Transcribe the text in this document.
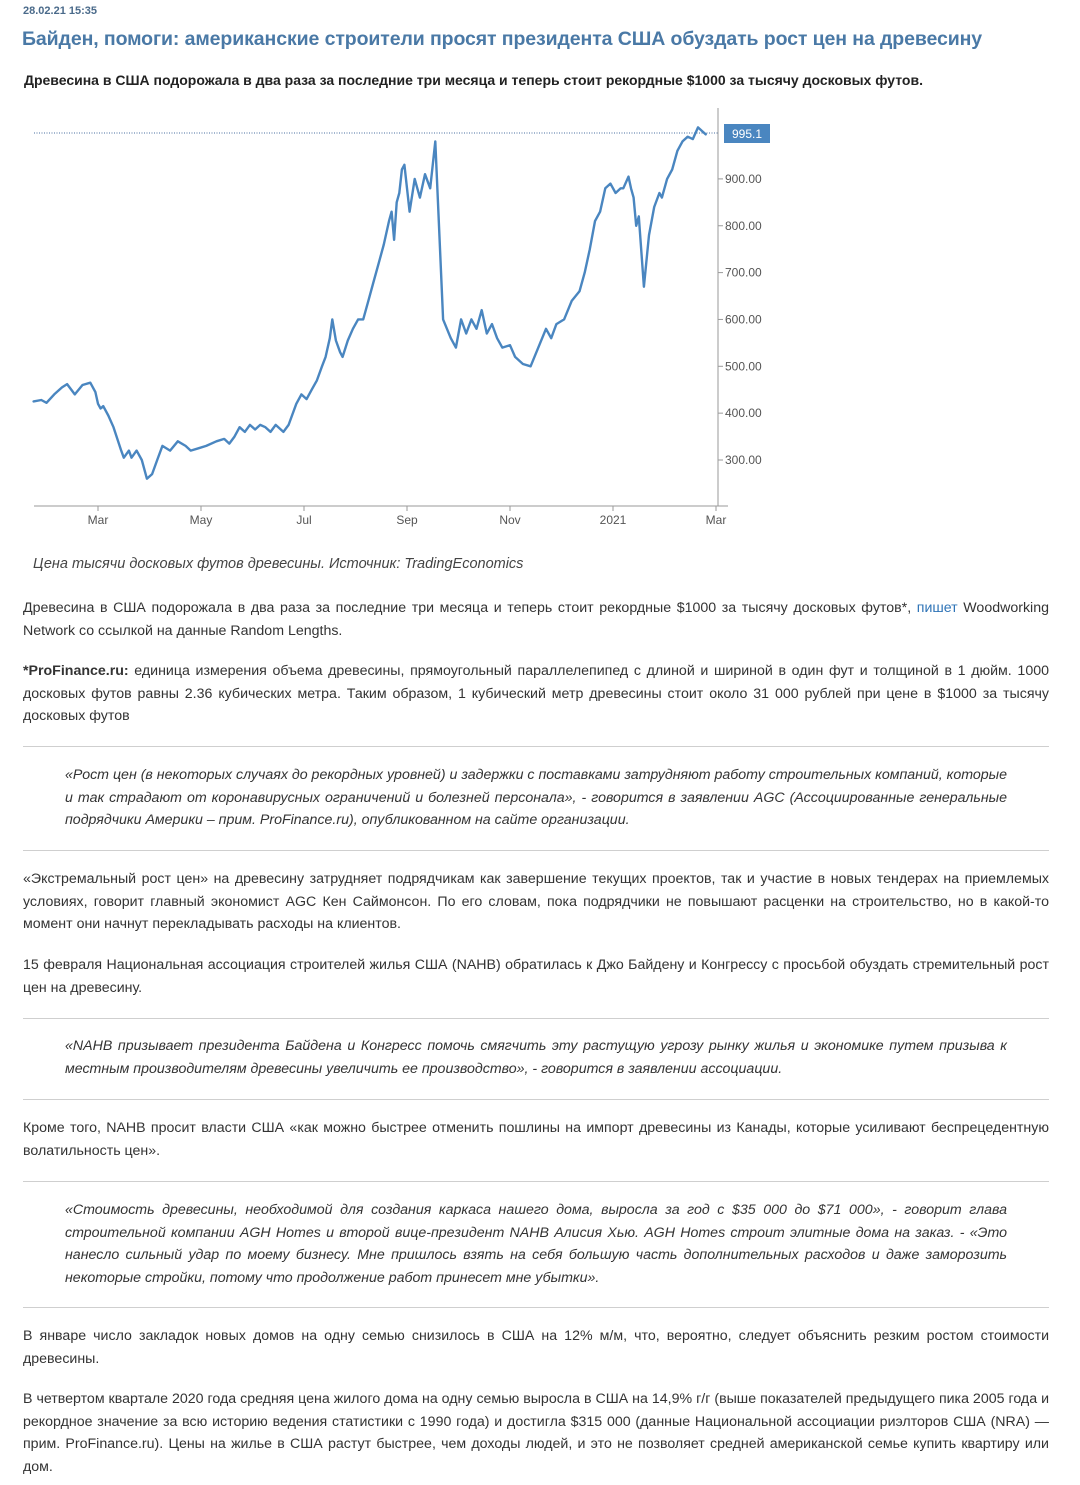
28.02.21 15:35
Байден, помоги: американские строители просят президента США обуздать рост цен на древесину
Древесина в США подорожала в два раза за последние три месяца и теперь стоит рекордные $1000 за тысячу досковых футов.
300.00
400.00
500.00
600.00
700.00
800.00
900.00
Mar	May	Jul	Sep	Nov	2021	Mar
995.1
Цена тысячи досковых футов древесины. Источник: TradingEconomics

Древесина в США подорожала в два раза за последние три месяца и теперь стоит рекордные $1000 за тысячу досковых футов*, пишет Woodworking Network со ссылкой на данные Random Lengths.

*ProFinance.ru: единица измерения объема древесины, прямоугольный параллелепипед с длиной и шириной в один фут и толщиной в 1 дюйм. 1000 досковых футов равны 2.36 кубических метра. Таким образом, 1 кубический метр древесины стоит около 31 000 рублей при цене в $1000 за тысячу досковых футов

«Рост цен (в некоторых случаях до рекордных уровней) и задержки с поставками затрудняют работу строительных компаний, которые и так страдают от коронавирусных ограничений и болезней персонала», - говорится в заявлении AGC (Ассоциированные генеральные подрядчики Америки – прим. ProFinance.ru), опубликованном на сайте организации.

«Экстремальный рост цен» на древесину затрудняет подрядчикам как завершение текущих проектов, так и участие в новых тендерах на приемлемых условиях, говорит главный экономист AGC Кен Саймонсон. По его словам, пока подрядчики не повышают расценки на строительство, но в какой-то момент они начнут перекладывать расходы на клиентов.

15 февраля Национальная ассоциация строителей жилья США (NAHB) обратилась к Джо Байдену и Конгрессу с просьбой обуздать стремительный рост цен на древесину.

«NAHB призывает президента Байдена и Конгресс помочь смягчить эту растущую угрозу рынку жилья и экономике путем призыва к местным производителям древесины увеличить ее производство», - говорится в заявлении ассоциации.

Кроме того, NAHB просит власти США «как можно быстрее отменить пошлины на импорт древесины из Канады, которые усиливают беспрецедентную волатильность цен».

«Стоимость древесины, необходимой для создания каркаса нашего дома, выросла за год с $35 000 до $71 000», - говорит глава строительной компании AGH Homes и второй вице-президент NAHB Алисия Хью. AGH Homes строит элитные дома на заказ. - «Это нанесло сильный удар по моему бизнесу. Мне пришлось взять на себя большую часть дополнительных расходов и даже заморозить некоторые стройки, потому что продолжение работ принесет мне убытки».

В январе число закладок новых домов на одну семью снизилось в США на 12% м/м, что, вероятно, следует объяснить резким ростом стоимости древесины.

В четвертом квартале 2020 года средняя цена жилого дома на одну семью выросла в США на 14,9% г/г (выше показателей предыдущего пика 2005 года и рекордное значение за всю историю ведения статистики с 1990 года) и достигла $315 000 (данные Национальной ассоциации риэлторов США (NRA) — прим. ProFinance.ru). Цены на жилье в США растут быстрее, чем доходы людей, и это не позволяет средней американской семье купить квартиру или дом.
